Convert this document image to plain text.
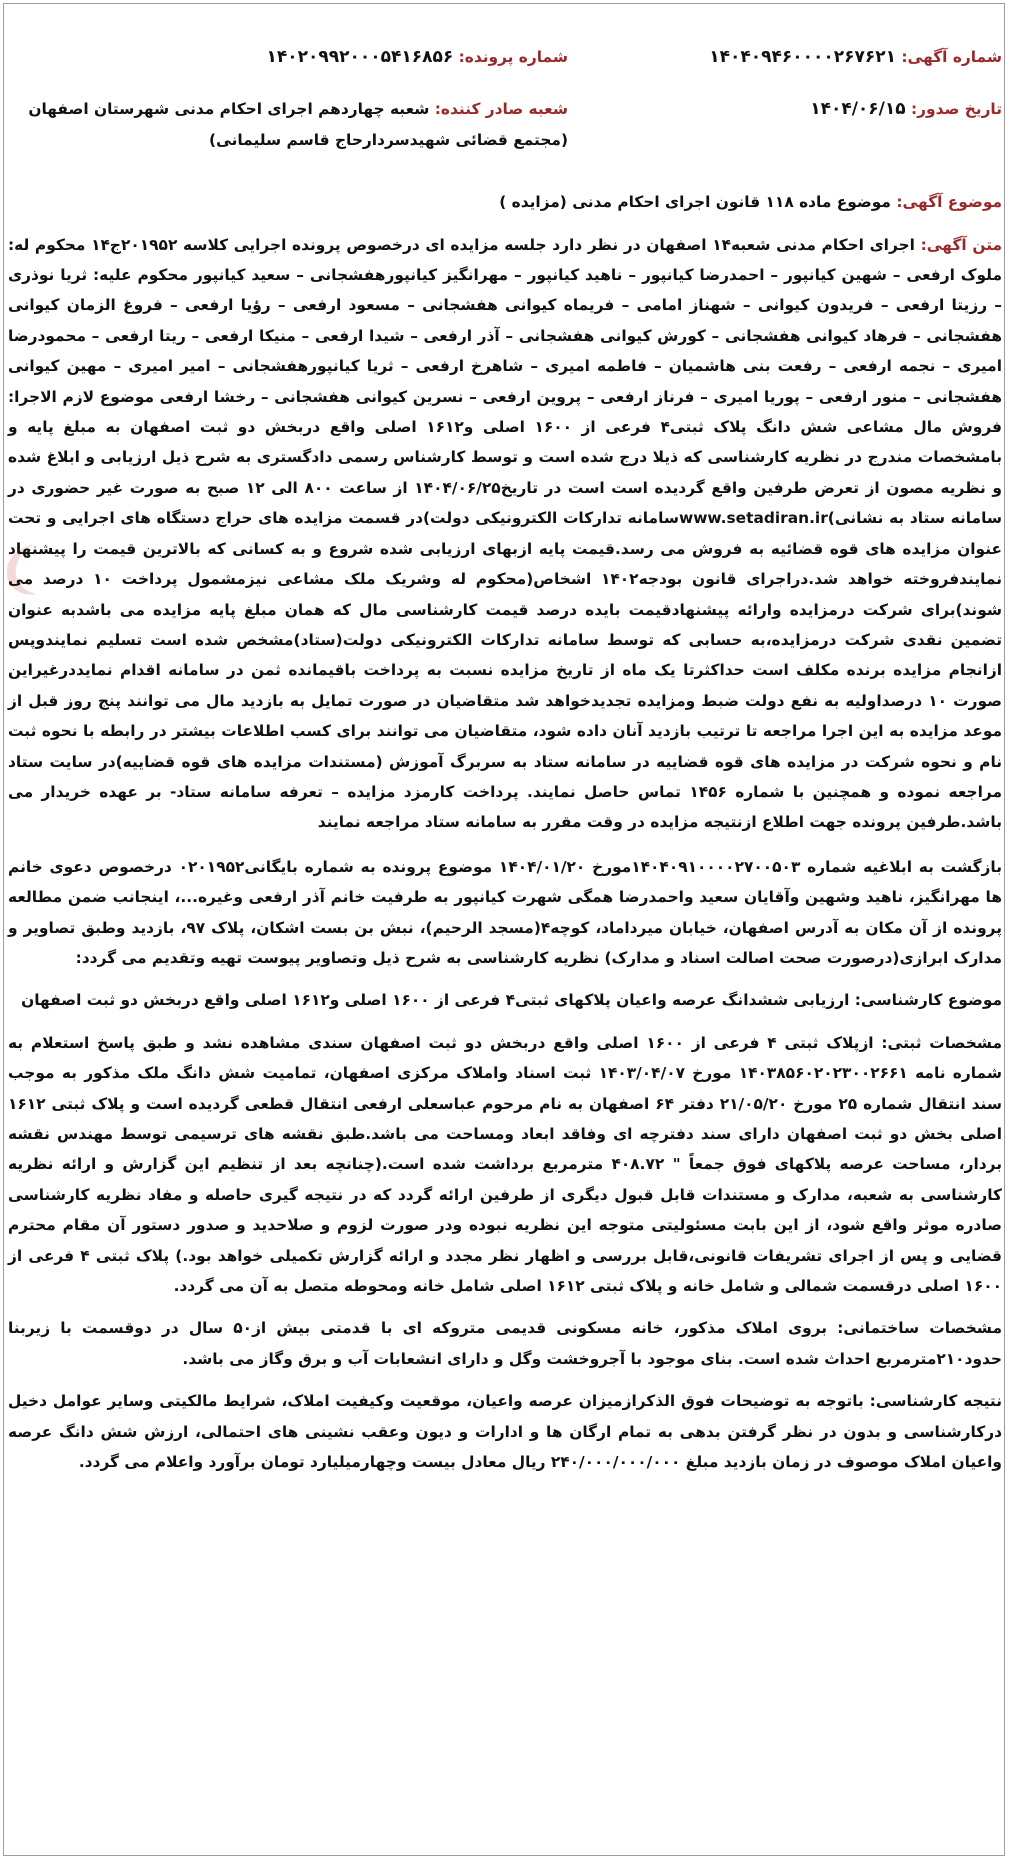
شماره آگهی: ۱۴۰۴۰۹۴۶۰۰۰۰۲۶۷۶۲۱
شماره پرونده: ۱۴۰۲۰۹۹۲۰۰۰۵۴۱۶۸۵۶
تاریخ صدور: ۱۴۰۴/۰۶/۱۵
شعبه صادر کننده: شعبه چهاردهم اجرای احکام مدنی شهرستان اصفهان (مجتمع قضائی شهیدسردارحاج قاسم سلیمانی)
موضوع آگهی: موضوع ماده ۱۱۸ قانون اجرای احکام مدنی (مزایده )
متن آگهی: اجرای احکام مدنی شعبه۱۴ اصفهان در نظر دارد جلسه مزایده ای درخصوص پرونده اجرایی کلاسه ۲۰۱۹۵۲ج۱۴ محکوم له: ملوک ارفعی – شهین کیانپور – احمدرضا کیانپور – ناهید کیانپور – مهرانگیز کیانپورهفشجانی – سعید کیانپور محکوم علیه: ثریا نوذری – رزیتا ارفعی – فریدون کیوانی – شهناز امامی – فریماه کیوانی هفشجانی – مسعود ارفعی – رؤیا ارفعی – فروغ الزمان کیوانی هفشجانی – فرهاد کیوانی هفشجانی – کورش کیوانی هفشجانی – آذر ارفعی – شیدا ارفعی – منیکا ارفعی – ریتا ارفعی – محمودرضا امیری – نجمه ارفعی – رفعت بنی هاشمیان – فاطمه امیری – شاهرخ ارفعی – ثریا کیانپورهفشجانی – امیر امیری – مهین کیوانی هفشجانی – منور ارفعی – پوریا امیری – فرناز ارفعی – پروین ارفعی – نسرین کیوانی هفشجانی – رخشا ارفعی موضوع لازم الاجرا: فروش مال مشاعی شش دانگ پلاک ثبتی۴ فرعی از ۱۶۰۰ اصلی و۱۶۱۲ اصلی واقع دربخش دو ثبت اصفهان به مبلغ پایه و بامشخصات مندرج در نظریه کارشناسی که ذیلا درج شده است و توسط کارشناس رسمی دادگستری به شرح ذیل ارزیابی و ابلاغ شده و نظریه مصون از تعرض طرفین واقع گردیده است است در تاریخ۱۴۰۴/۰۶/۲۵ از ساعت ۸۰۰ الی ۱۲ صبح به صورت غیر حضوری در سامانه ستاد به نشانی)www.setadiran.irسامانه تدارکات الکترونیکی دولت)در قسمت مزایده های حراج دستگاه های اجرایی و تحت عنوان مزایده های قوه قضائیه به فروش می رسد.قیمت پایه ازبهای ارزیابی شده شروع و به کسانی که بالاترین قیمت را پیشنهاد نمایندفروخته خواهد شد.دراجرای قانون بودجه۱۴۰۲ اشخاص(محکوم له وشریک ملک مشاعی نیزمشمول پرداخت ۱۰ درصد می شوند)برای شرکت درمزایده وارائه پیشنهادقیمت بایده درصد قیمت کارشناسی مال که همان مبلغ پایه مزایده می باشدبه عنوان تضمین نقدی شرکت درمزایده،به حسابی که توسط سامانه تدارکات الکترونیکی دولت(ستاد)مشخص شده است تسلیم نمایندوپس ازانجام مزایده برنده مکلف است حداکثرتا یک ماه از تاریخ مزایده نسبت به پرداخت باقیمانده ثمن در سامانه اقدام نمایددرغیراین صورت ۱۰ درصداولیه به نفع دولت ضبط ومزایده تجدیدخواهد شد متقاضیان در صورت تمایل به بازدید مال می توانند پنج روز قبل از موعد مزایده به این اجرا مراجعه تا ترتیب بازدید آنان داده شود، متقاضیان می توانند برای کسب اطلاعات بیشتر در رابطه با نحوه ثبت نام و نحوه شرکت در مزایده های قوه قضاییه در سامانه ستاد به سربرگ آموزش (مستندات مزایده های قوه قضاییه)در سایت ستاد مراجعه نموده و همچنین با شماره ۱۴۵۶ تماس حاصل نمایند. پرداخت کارمزد مزایده – تعرفه سامانه ستاد- بر عهده خریدار می باشد.طرفین پرونده جهت اطلاع ازنتیجه مزایده در وقت مقرر به سامانه ستاد مراجعه نمایند

بازگشت به ابلاغیه شماره ۱۴۰۴۰۹۱۰۰۰۰۲۷۰۰۵۰۳مورخ ۱۴۰۴/۰۱/۲۰ موضوع پرونده به شماره بایگانی۰۲۰۱۹۵۲ درخصوص دعوی خانم ها مهرانگیز، ناهید وشهین وآقایان سعید واحمدرضا همگی شهرت کیانپور به طرفیت خانم آذر ارفعی وغیره...، اینجانب ضمن مطالعه پرونده از آن مکان به آدرس اصفهان، خیابان میرداماد، کوچه۴(مسجد الرحیم)، نبش بن بست اشکان، پلاک ۹۷، بازدید وطبق تصاویر و مدارک ابرازی(درصورت صحت اصالت اسناد و مدارک) نظریه کارشناسی به شرح ذیل وتصاویر پیوست تهیه وتقدیم می گردد:

موضوع کارشناسی: ارزیابی ششدانگ عرصه واعیان پلاکهای ثبتی۴ فرعی از ۱۶۰۰ اصلی و۱۶۱۲ اصلی واقع دربخش دو ثبت اصفهان

مشخصات ثبتی: ازپلاک ثبتی ۴ فرعی از ۱۶۰۰ اصلی واقع دربخش دو ثبت اصفهان سندی مشاهده نشد و طبق پاسخ استعلام به شماره نامه ۱۴۰۳۸۵۶۰۲۰۲۳۰۰۲۶۶۱ مورخ ۱۴۰۳/۰۴/۰۷ ثبت اسناد واملاک مرکزی اصفهان، تمامیت شش دانگ ملک مذکور به موجب سند انتقال شماره ۲۵ مورخ ۲۱/۰۵/۲۰ دفتر ۶۴ اصفهان به نام مرحوم عباسعلی ارفعی انتقال قطعی گردیده است و پلاک ثبتی ۱۶۱۲ اصلی بخش دو ثبت اصفهان دارای سند دفترچه ای وفاقد ابعاد ومساحت می باشد.طبق نقشه های ترسیمی توسط مهندس نقشه بردار، مساحت عرصه پلاکهای فوق جمعاً " ۴۰۸.۷۲ مترمربع برداشت شده است.(چنانچه بعد از تنظیم این گزارش و ارائه نظریه کارشناسی به شعبه، مدارک و مستندات قابل قبول دیگری از طرفین ارائه گردد که در نتیجه گیری حاصله و مفاد نظریه کارشناسی صادره موثر واقع شود، از این بابت مسئولیتی متوجه این نظریه نبوده ودر صورت لزوم و صلاحدید و صدور دستور آن مقام محترم قضایی و پس از اجرای تشریفات قانونی،قابل بررسی و اظهار نظر مجدد و ارائه گزارش تکمیلی خواهد بود.) پلاک ثبتی ۴ فرعی از ۱۶۰۰ اصلی درقسمت شمالی و شامل خانه و پلاک ثبتی ۱۶۱۲ اصلی شامل خانه ومحوطه متصل به آن می گردد.

مشخصات ساختمانی: بروی املاک مذکور، خانه مسکونی قدیمی متروکه ای با قدمتی بیش از۵۰ سال در دوقسمت با زیربنا حدود۲۱۰مترمربع احداث شده است. بنای موجود با آجروخشت وگل و دارای انشعابات آب و برق وگاز می باشد.

نتیجه کارشناسی: باتوجه به توضیحات فوق الذکرازمیزان عرصه واعیان، موقعیت وکیفیت املاک، شرایط مالکیتی وسایر عوامل دخیل درکارشناسی و بدون در نظر گرفتن بدهی به تمام ارگان ها و ادارات و دیون وعقب نشینی های احتمالی، ارزش شش دانگ عرصه واعیان املاک موصوف در زمان بازدید مبلغ ۲۴۰/۰۰۰/۰۰۰/۰۰۰ ریال معادل بیست وچهارمیلیارد تومان برآورد واعلام می گردد.
